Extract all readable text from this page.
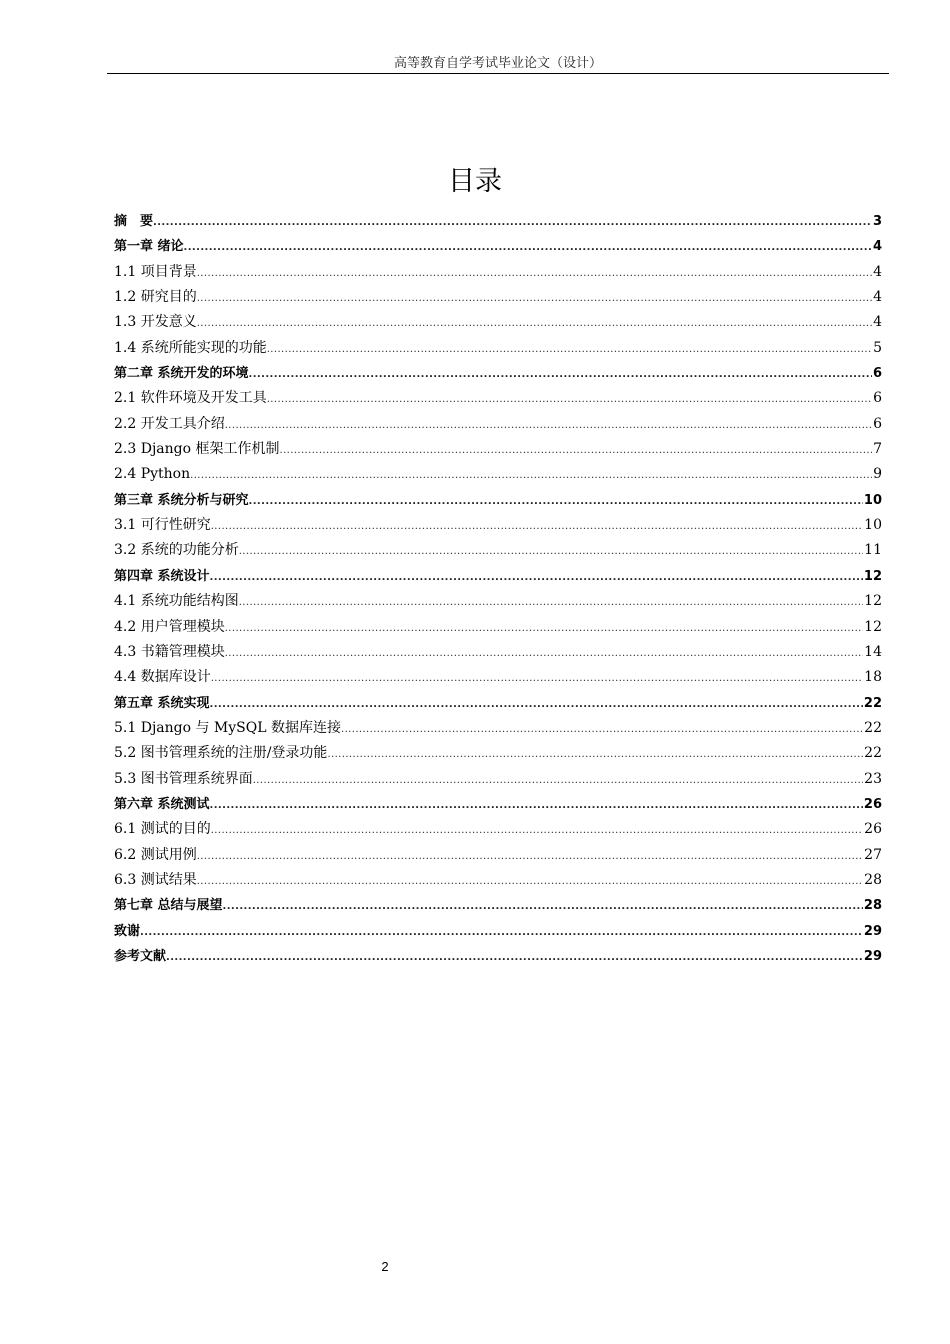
高等教育自学考试毕业论文（设计）
目录
摘　要 .....	3
第一章 绪论 .....	4
1.1 项目背景 .....	4
1.2 研究目的 .....	4
1.3 开发意义 .....	4
1.4 系统所能实现的功能 .....	5
第二章 系统开发的环境 .....	6
2.1 软件环境及开发工具 .....	6
2.2 开发工具介绍 .....	6
2.3 Django 框架工作机制 .....	7
2.4 Python .....	9
第三章 系统分析与研究 .....	10
3.1 可行性研究 .....	10
3.2 系统的功能分析 .....	11
第四章 系统设计 .....	12
4.1 系统功能结构图 .....	12
4.2 用户管理模块 .....	12
4.3 书籍管理模块 .....	14
4.4 数据库设计 .....	18
第五章 系统实现 .....	22
5.1 Django 与 MySQL 数据库连接 .....	22
5.2 图书管理系统的注册/登录功能 .....	22
5.3 图书管理系统界面 .....	23
第六章 系统测试 .....	26
6.1 测试的目的 .....	26
6.2 测试用例 .....	27
6.3 测试结果 .....	28
第七章 总结与展望 .....	28
致谢 .....	29
参考文献 .....	29
2
